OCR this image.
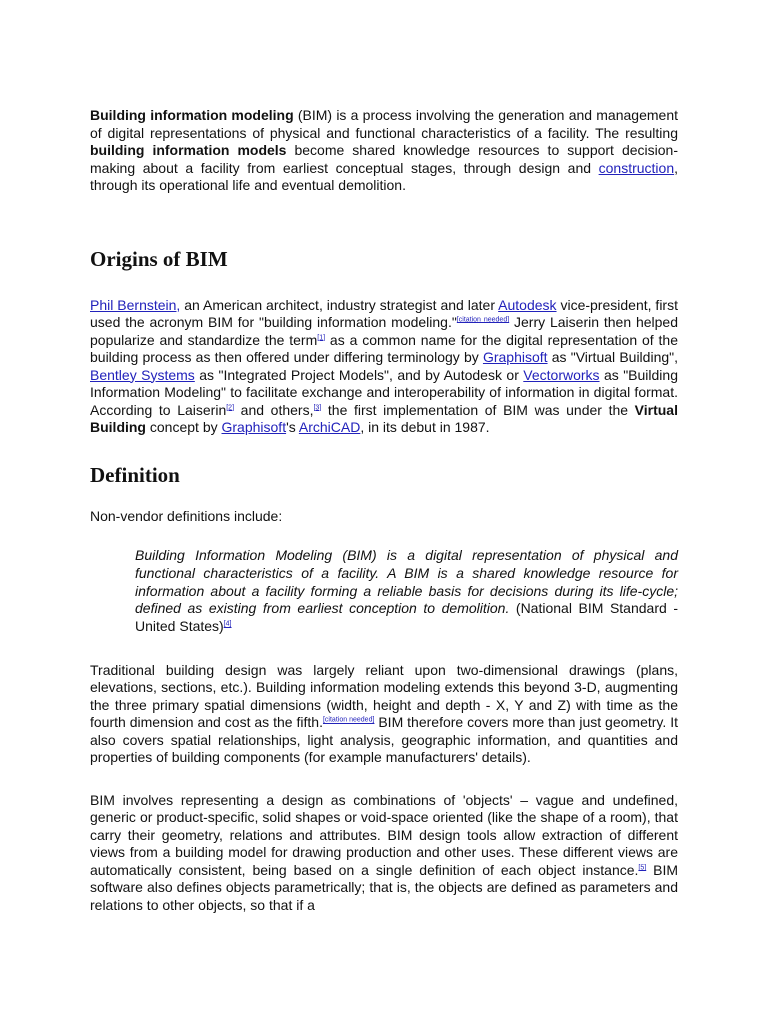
Building information modeling (BIM) is a process involving the generation and management of digital representations of physical and functional characteristics of a facility. The resulting building information models become shared knowledge resources to support decision-making about a facility from earliest conceptual stages, through design and construction, through its operational life and eventual demolition.

Origins of BIM

Phil Bernstein, an American architect, industry strategist and later Autodesk vice-president, first used the acronym BIM for "building information modeling."[citation needed] Jerry Laiserin then helped popularize and standardize the term[1] as a common name for the digital representation of the building process as then offered under differing terminology by Graphisoft as "Virtual Building", Bentley Systems as "Integrated Project Models", and by Autodesk or Vectorworks as "Building Information Modeling" to facilitate exchange and interoperability of information in digital format. According to Laiserin[2] and others,[3] the first implementation of BIM was under the Virtual Building concept by Graphisoft's ArchiCAD, in its debut in 1987.

Definition

Non-vendor definitions include:

Building Information Modeling (BIM) is a digital representation of physical and functional characteristics of a facility. A BIM is a shared knowledge resource for information about a facility forming a reliable basis for decisions during its life-cycle; defined as existing from earliest conception to demolition. (National BIM Standard - United States)[4]

Traditional building design was largely reliant upon two-dimensional drawings (plans, elevations, sections, etc.). Building information modeling extends this beyond 3-D, augmenting the three primary spatial dimensions (width, height and depth - X, Y and Z) with time as the fourth dimension and cost as the fifth.[citation needed] BIM therefore covers more than just geometry. It also covers spatial relationships, light analysis, geographic information, and quantities and properties of building components (for example manufacturers' details).

BIM involves representing a design as combinations of 'objects' – vague and undefined, generic or product-specific, solid shapes or void-space oriented (like the shape of a room), that carry their geometry, relations and attributes. BIM design tools allow extraction of different views from a building model for drawing production and other uses. These different views are automatically consistent, being based on a single definition of each object instance.[5] BIM software also defines objects parametrically; that is, the objects are defined as parameters and relations to other objects, so that if a
